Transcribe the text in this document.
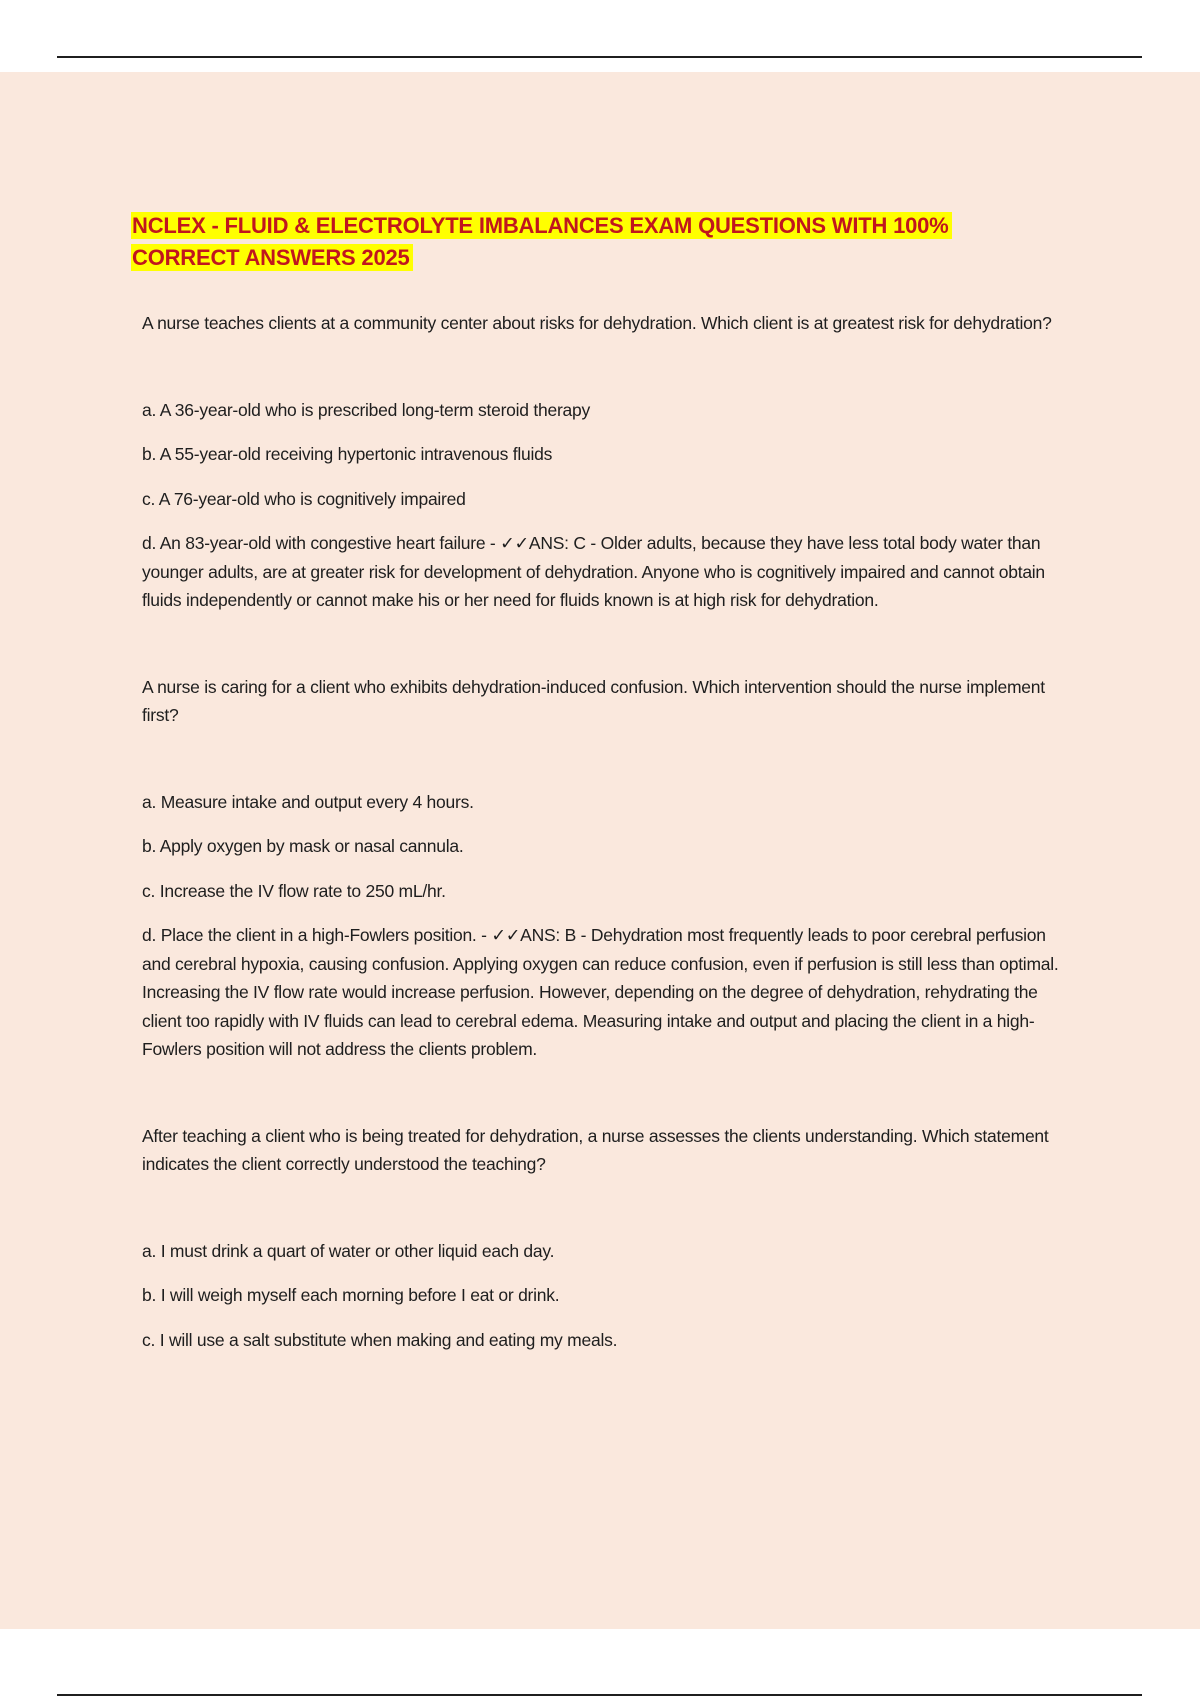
NCLEX - FLUID & ELECTROLYTE IMBALANCES EXAM QUESTIONS WITH 100%
CORRECT ANSWERS 2025

A nurse teaches clients at a community center about risks for dehydration. Which client is at greatest risk for dehydration?

a. A 36-year-old who is prescribed long-term steroid therapy

b. A 55-year-old receiving hypertonic intravenous fluids

c. A 76-year-old who is cognitively impaired

d. An 83-year-old with congestive heart failure - ✓✓ANS: C - Older adults, because they have less total body water than younger adults, are at greater risk for development of dehydration. Anyone who is cognitively impaired and cannot obtain fluids independently or cannot make his or her need for fluids known is at high risk for dehydration.

A nurse is caring for a client who exhibits dehydration-induced confusion. Which intervention should the nurse implement first?

a. Measure intake and output every 4 hours.

b. Apply oxygen by mask or nasal cannula.

c. Increase the IV flow rate to 250 mL/hr.

d. Place the client in a high-Fowlers position. - ✓✓ANS: B - Dehydration most frequently leads to poor cerebral perfusion and cerebral hypoxia, causing confusion. Applying oxygen can reduce confusion, even if perfusion is still less than optimal. Increasing the IV flow rate would increase perfusion. However, depending on the degree of dehydration, rehydrating the client too rapidly with IV fluids can lead to cerebral edema. Measuring intake and output and placing the client in a high-Fowlers position will not address the clients problem.

After teaching a client who is being treated for dehydration, a nurse assesses the clients understanding. Which statement indicates the client correctly understood the teaching?

a. I must drink a quart of water or other liquid each day.

b. I will weigh myself each morning before I eat or drink.

c. I will use a salt substitute when making and eating my meals.
